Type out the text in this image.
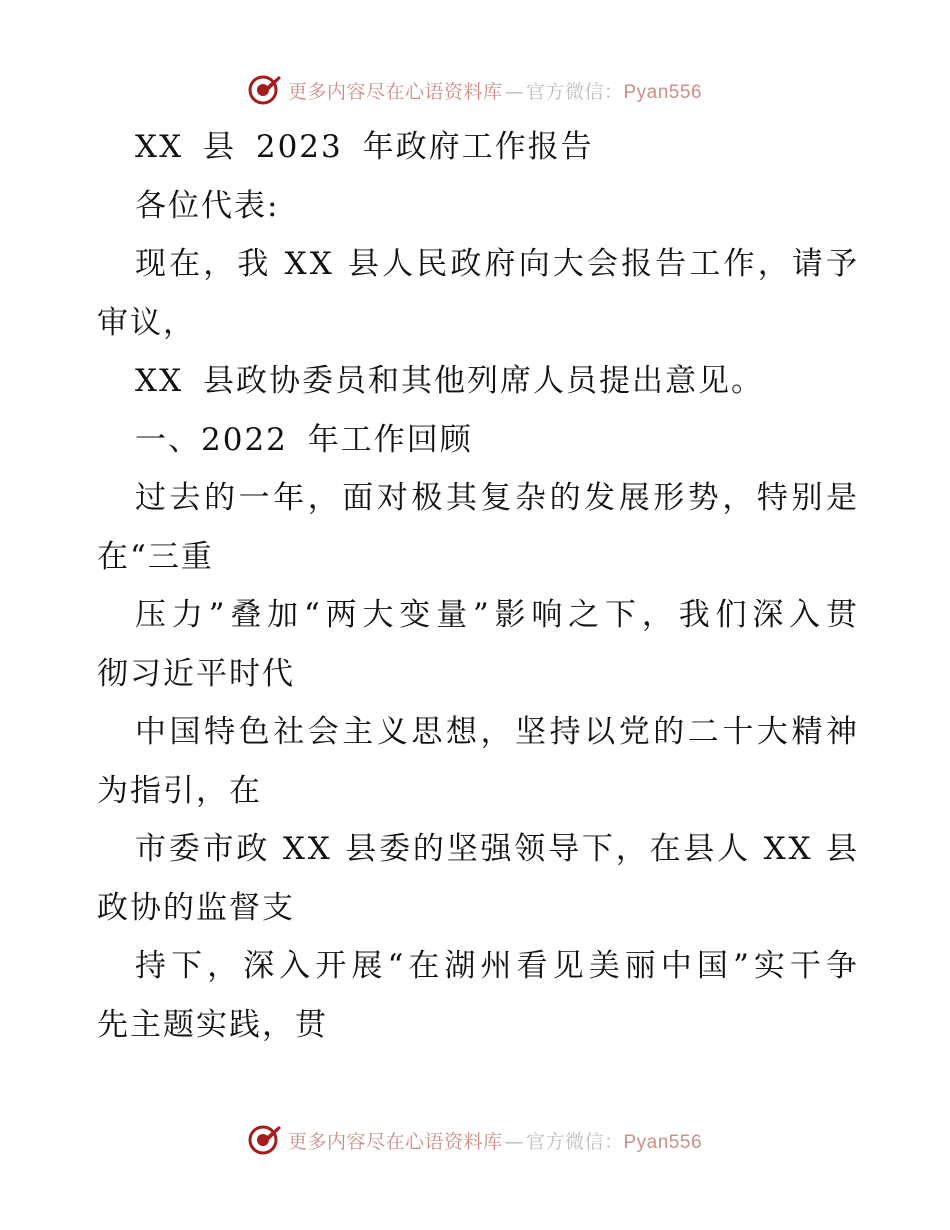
更多内容尽在心语资料库 — 官方微信：Pyan556
XX 县 2023 年政府工作报告
各位代表:
现在，我 XX 县人民政府向大会报告工作，请予
审议，
XX 县政协委员和其他列席人员提出意见。
一、2022 年工作回顾
过去的一年，面对极其复杂的发展形势，特别是
在“三重
压力”叠加“两大变量”影响之下，我们深入贯
彻习近平时代
中国特色社会主义思想，坚持以党的二十大精神
为指引，在
市委市政 XX 县委的坚强领导下，在县人 XX 县
政协的监督支
持下，深入开展“在湖州看见美丽中国”实干争
先主题实践，贯
更多内容尽在心语资料库 — 官方微信：Pyan556
